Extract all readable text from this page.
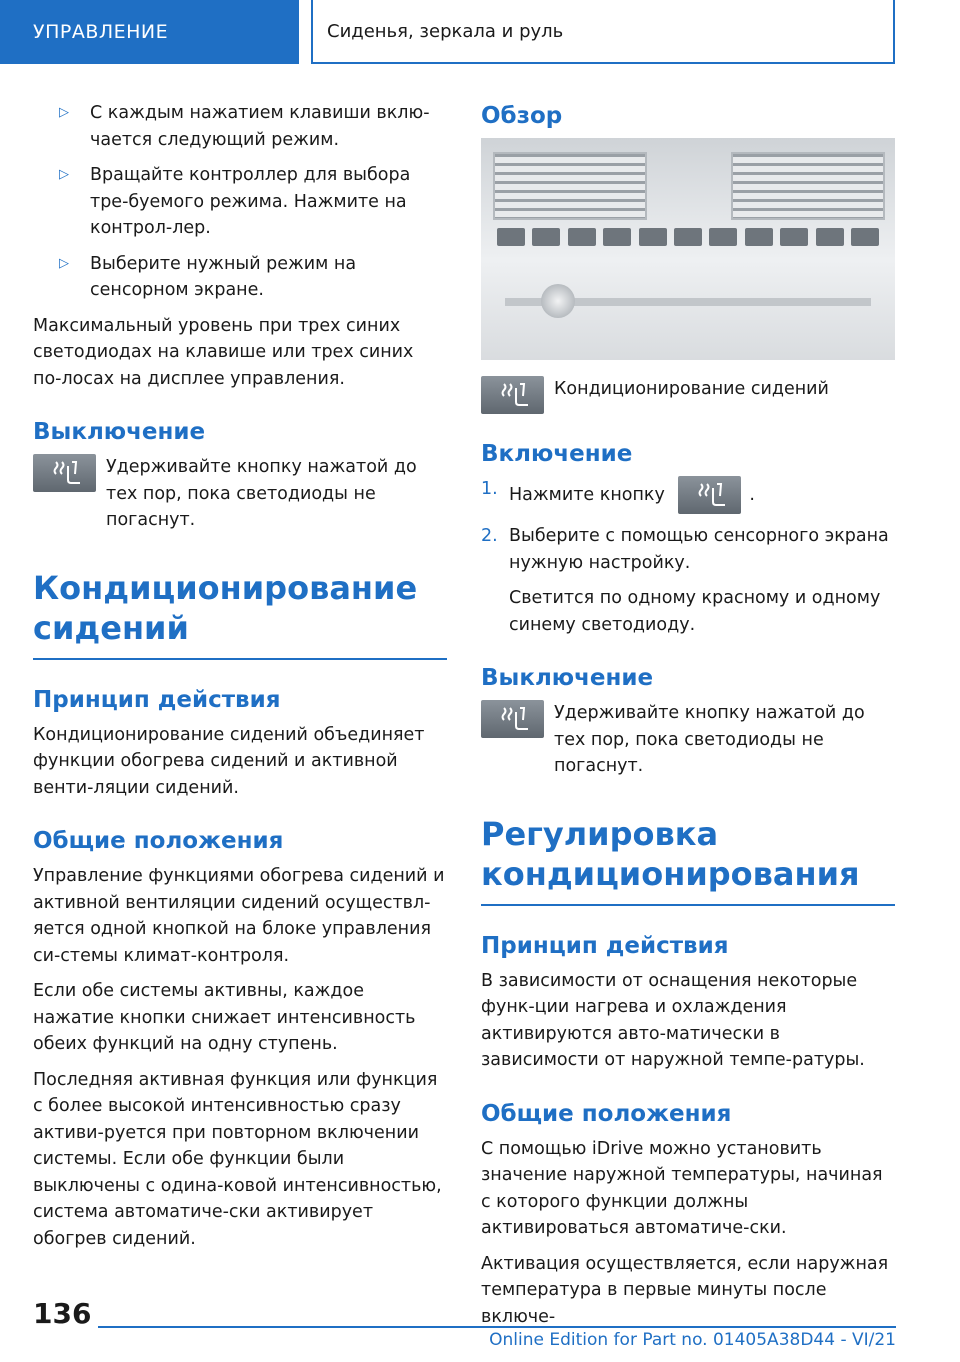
УПРАВЛЕНИЕ	Сиденья, зеркала и руль
▷	С каждым нажатием клавиши вклю-чается следующий режим.
▷	Вращайте контроллер для выбора тре-буемого режима. Нажмите на контрол-лер.
▷	Выберите нужный режим на сенсорном экране.

Максимальный уровень при трех синих светодиодах на клавише или трех синих по-лосах на дисплее управления.

Выключение
Удерживайте кнопку нажатой до тех пор, пока светодиоды не погаснут.
Кондиционирование сидений
Принцип действия

Кондиционирование сидений объединяет функции обогрева сидений и активной венти-ляции сидений.

Общие положения

Управление функциями обогрева сидений и активной вентиляции сидений осуществл-яется одной кнопкой на блоке управления си-стемы климат-контроля.

Если обе системы активны, каждое нажатие кнопки снижает интенсивность обеих функций на одну ступень.

Последняя активная функция или функция с более высокой интенсивностью сразу активи-руется при повторном включении системы. Если обе функции были выключены с одина-ковой интенсивностью, система автоматиче-ски активирует обогрев сидений.

Обзор
Кондиционирование сидений
Включение
1. Нажмите кнопку	.
2. Выберите с помощью сенсорного экрана нужную настройку.

Светится по одному красному и одному синему светодиоду.

Выключение
Удерживайте кнопку нажатой до тех пор, пока светодиоды не погаснут.
Регулировка кондиционирования
Принцип действия

В зависимости от оснащения некоторые функ-ции нагрева и охлаждения активируются авто-матически в зависимости от наружной темпе-ратуры.

Общие положения

С помощью iDrive можно установить значение наружной температуры, начиная с которого функции должны активироваться автоматиче-ски.

Активация осуществляется, если наружная температура в первые минуты после включе-

136
Online Edition for Part no. 01405A38D44 - VI/21
